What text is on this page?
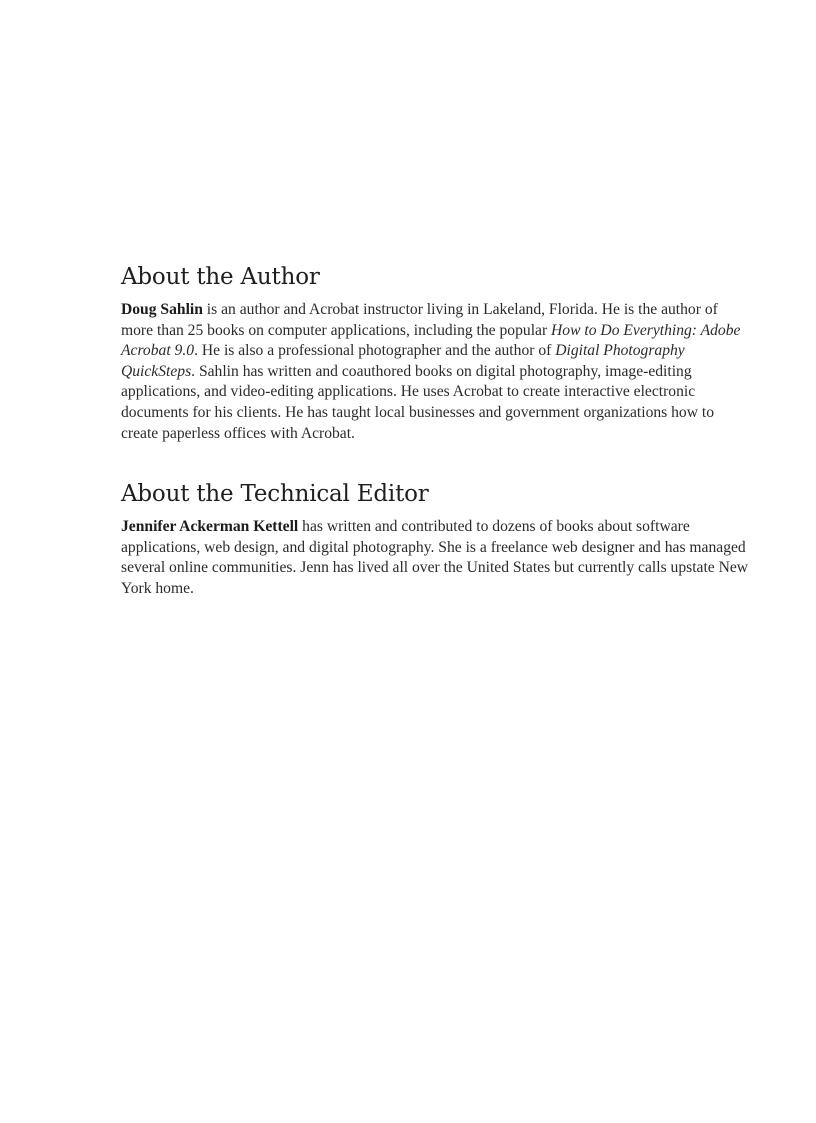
About the Author

Doug Sahlin is an author and Acrobat instructor living in Lakeland, Florida. He is the author of more than 25 books on computer applications, including the popular How to Do Everything: Adobe Acrobat 9.0. He is also a professional photographer and the author of Digital Photography QuickSteps. Sahlin has written and coauthored books on digital photography, image-editing applications, and video-editing applications. He uses Acrobat to create interactive electronic documents for his clients. He has taught local businesses and government organizations how to create paperless offices with Acrobat.

About the Technical Editor

Jennifer Ackerman Kettell has written and contributed to dozens of books about software applications, web design, and digital photography. She is a freelance web designer and has managed several online communities. Jenn has lived all over the United States but currently calls upstate New York home.
